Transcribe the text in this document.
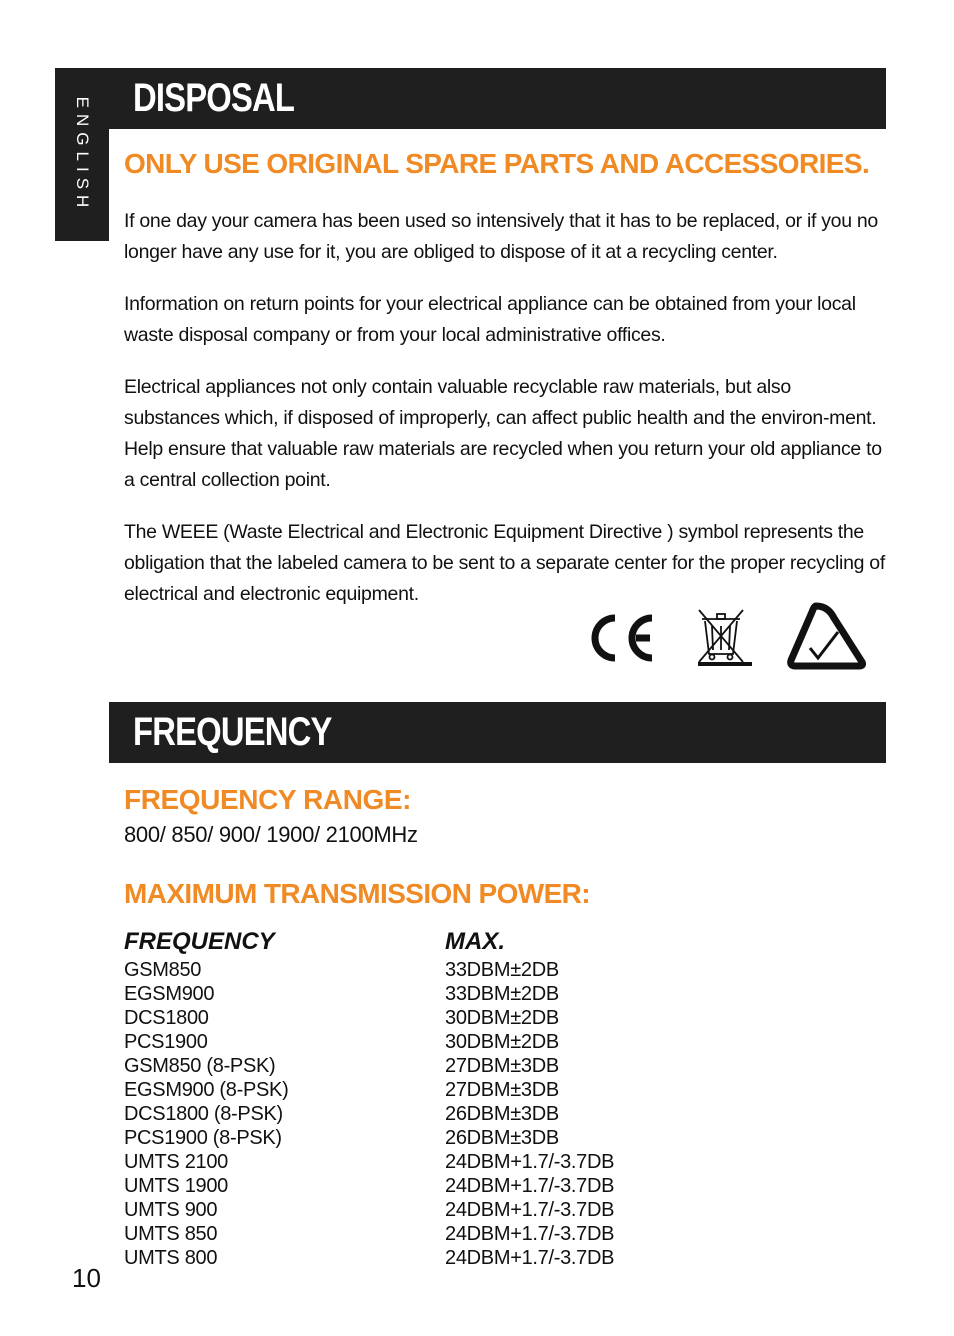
ENGLISH DISPOSAL
ONLY USE ORIGINAL SPARE PARTS AND ACCESSORIES.

If one day your camera has been used so intensively that it has to be replaced, or if you no longer have any use for it, you are obliged to dispose of it at a recycling center.

Information on return points for your electrical appliance can be obtained from your local waste disposal company or from your local administrative offices.

Electrical appliances not only contain valuable recyclable raw materials, but also substances which, if disposed of improperly, can affect public health and the environ-ment. Help ensure that valuable raw materials are recycled when you return your old appliance to a central collection point.

The WEEE (Waste Electrical and Electronic Equipment Directive ) symbol represents the obligation that the labeled camera to be sent to a separate center for the proper recycling of electrical and electronic equipment.

FREQUENCY
FREQUENCY RANGE:
800/ 850/ 900/ 1900/ 2100MHz
MAXIMUM TRANSMISSION POWER:
FREQUENCY	MAX.
GSM850
EGSM900
DCS1800
PCS1900
GSM850 (8-PSK)
EGSM900 (8-PSK)
DCS1800 (8-PSK)
PCS1900 (8-PSK)
UMTS 2100
UMTS 1900
UMTS 900
UMTS 850
UMTS 800
33DBM±2DB
33DBM±2DB
30DBM±2DB
30DBM±2DB
27DBM±3DB
27DBM±3DB
26DBM±3DB
26DBM±3DB
24DBM+1.7/-3.7DB
24DBM+1.7/-3.7DB
24DBM+1.7/-3.7DB
24DBM+1.7/-3.7DB
24DBM+1.7/-3.7DB
10
